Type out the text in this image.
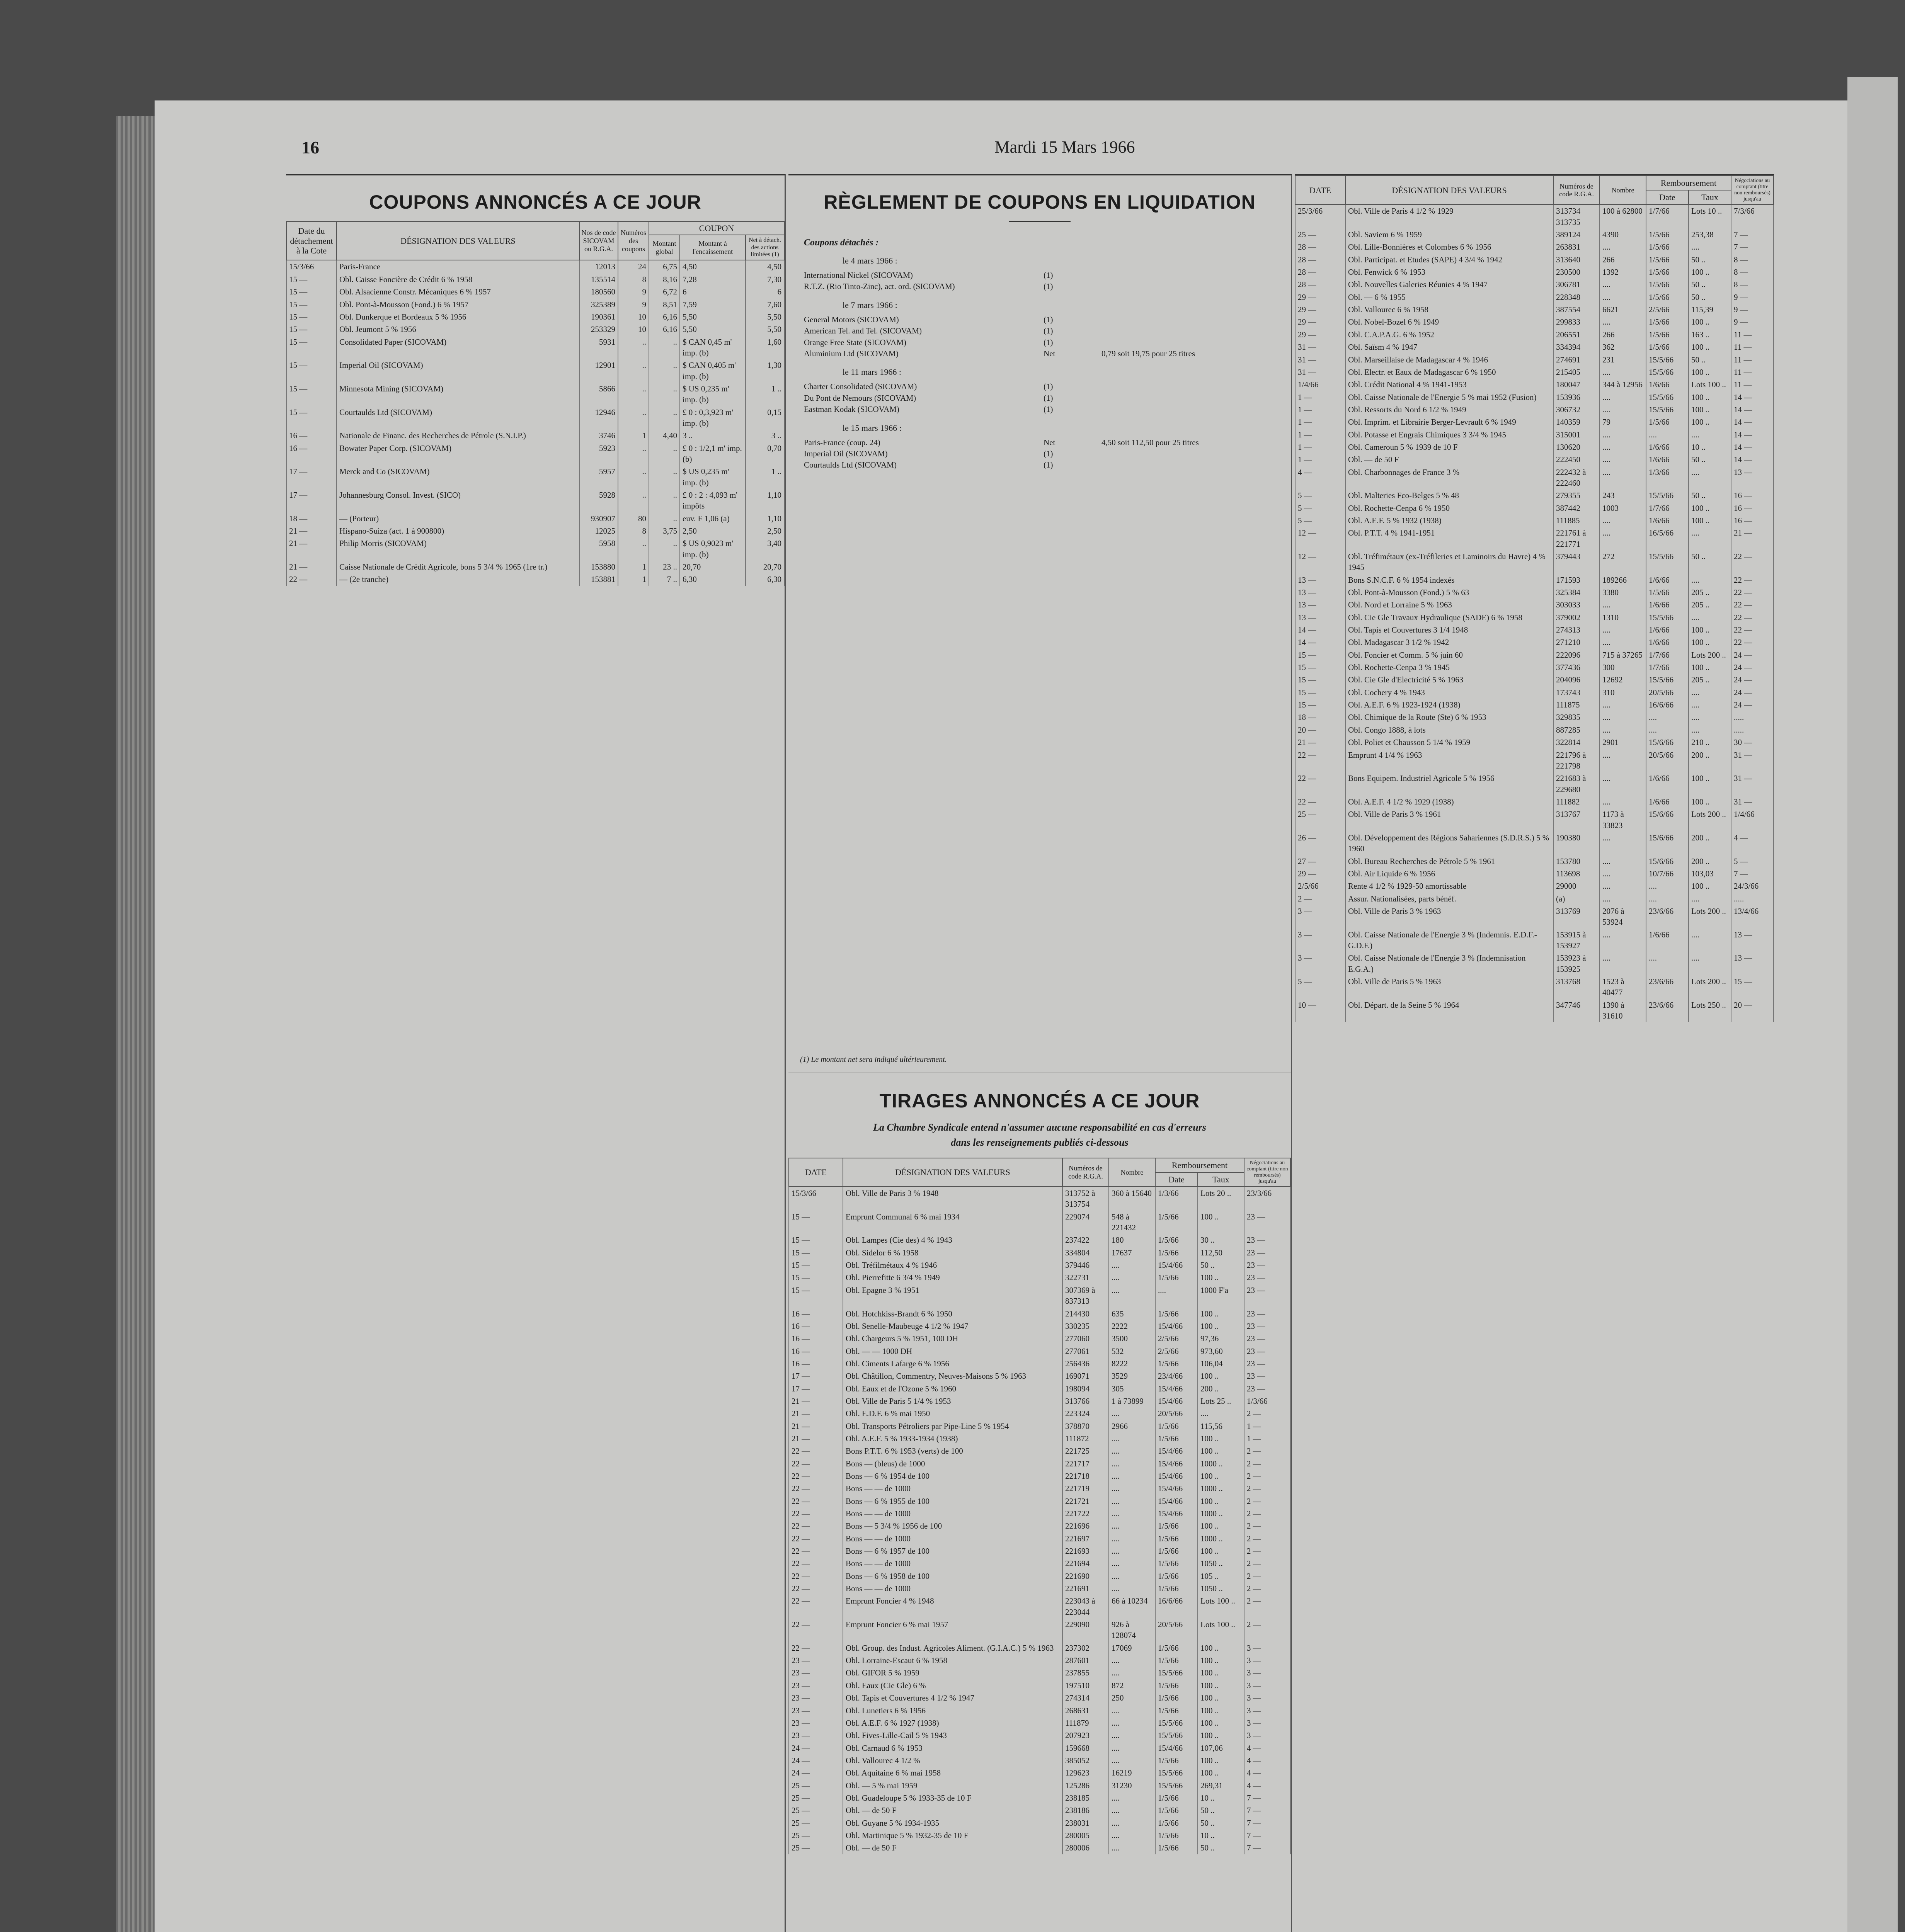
16	Mardi 15 Mars 1966
COUPONS ANNONCÉS A CE JOUR
Date du détachement à la Cote	DÉSIGNATION DES VALEURS	Nos de code SICOVAM ou R.G.A.	Numéros des coupons	COUPON		
				Montant global	Montant à l'encaissement	Net à détach. des actions limitées (1)
15/3/66	Paris-France	12013	24	6,75	4,50	4,50
15 —	Obl. Caisse Foncière de Crédit 6 % 1958	135514	8	8,16	7,28	7,30
15 —	Obl. Alsacienne Constr. Mécaniques 6 % 1957	180560	9	6,72	6	6
15 —	Obl. Pont-à-Mousson (Fond.) 6 % 1957	325389	9	8,51	7,59	7,60
15 —	Obl. Dunkerque et Bordeaux 5 % 1956	190361	10	6,16	5,50	5,50
15 —	Obl. Jeumont 5 % 1956	253329	10	6,16	5,50	5,50
15 —	Consolidated Paper (SICOVAM)	5931	..	..	$ CAN 0,45 m' imp. (b)	1,60
15 —	Imperial Oil (SICOVAM)	12901	..	..	$ CAN 0,405 m' imp. (b)	1,30
15 —	Minnesota Mining (SICOVAM)	5866	..	..	$ US 0,235 m' imp. (b)	1 ..
15 —	Courtaulds Ltd (SICOVAM)	12946	..	..	£ 0 : 0,3,923 m' imp. (b)	0,15
16 —	Nationale de Financ. des Recherches de Pétrole (S.N.I.P.)	3746	1	4,40	3 ..	3 ..
16 —	Bowater Paper Corp. (SICOVAM)	5923	..	..	£ 0 : 1/2,1 m' imp. (b)	0,70
17 —	Merck and Co (SICOVAM)	5957	..	..	$ US 0,235 m' imp. (b)	1 ..
17 —	Johannesburg Consol. Invest. (SICO)	5928	..	..	£ 0 : 2 : 4,093 m' impôts	1,10
18 —	— (Porteur)	930907	80	..	euv. F 1,06 (a)	1,10
21 —	Hispano-Suiza (act. 1 à 900800)	12025	8	3,75	2,50	2,50
21 —	Philip Morris (SICOVAM)	5958	..	..	$ US 0,9023 m' imp. (b)	3,40
21 —	Caisse Nationale de Crédit Agricole, bons 5 3/4 % 1965 (1re tr.)	153880	1	23 ..	20,70	20,70
22 —	— (2e tranche)	153881	1	7 ..	6,30	6,30
RÈGLEMENT DE COUPONS EN LIQUIDATION
Coupons détachés :
le 4 mars 1966 :
International Nickel (SICOVAM)	(1)
R.T.Z. (Rio Tinto-Zinc), act. ord. (SICOVAM)	(1)
le 7 mars 1966 :
General Motors (SICOVAM)	(1)
American Tel. and Tel. (SICOVAM)	(1)
Orange Free State (SICOVAM)	(1)
Aluminium Ltd (SICOVAM)	Net	0,79 soit 19,75 pour 25 titres
le 11 mars 1966 :
Charter Consolidated (SICOVAM)	(1)
Du Pont de Nemours (SICOVAM)	(1)
Eastman Kodak (SICOVAM)	(1)
le 15 mars 1966 :
Paris-France (coup. 24)	Net	4,50 soit 112,50 pour 25 titres
Imperial Oil (SICOVAM)	(1)
Courtaulds Ltd (SICOVAM)	(1)
(1) Le montant net sera indiqué ultérieurement.
TIRAGES ANNONCÉS A CE JOUR
La Chambre Syndicale entend n'assumer aucune responsabilité en cas d'erreurs
dans les renseignements publiés ci-dessous
DATE	DÉSIGNATION DES VALEURS	Numéros de code R.G.A.	Nombre	Remboursement		Négociations au comptant (titre non remboursés) jusqu'au
				Date	Taux	
15/3/66	Obl. Ville de Paris 3 % 1948	313752 à 313754	360 à 15640	1/3/66	Lots 20 ..	23/3/66
15 —	Emprunt Communal 6 % mai 1934	229074	548 à 221432	1/5/66	100 ..	23 —
15 —	Obl. Lampes (Cie des) 4 % 1943	237422	180	1/5/66	30 ..	23 —
15 —	Obl. Sidelor 6 % 1958	334804	17637	1/5/66	112,50	23 —
15 —	Obl. Tréfilmétaux 4 % 1946	379446	....	15/4/66	50 ..	23 —
15 —	Obl. Pierrefitte 6 3/4 % 1949	322731	....	1/5/66	100 ..	23 —
15 —	Obl. Epagne 3 % 1951	307369 à 837313	....	....	1000 F'a	23 —
16 —	Obl. Hotchkiss-Brandt 6 % 1950	214430	635	1/5/66	100 ..	23 —
16 —	Obl. Senelle-Maubeuge 4 1/2 % 1947	330235	2222	15/4/66	100 ..	23 —
16 —	Obl. Chargeurs 5 % 1951, 100 DH	277060	3500	2/5/66	97,36	23 —
16 —	Obl. — — 1000 DH	277061	532	2/5/66	973,60	23 —
16 —	Obl. Ciments Lafarge 6 % 1956	256436	8222	1/5/66	106,04	23 —
17 —	Obl. Châtillon, Commentry, Neuves-Maisons 5 % 1963	169071	3529	23/4/66	100 ..	23 —
17 —	Obl. Eaux et de l'Ozone 5 % 1960	198094	305	15/4/66	200 ..	23 —
21 —	Obl. Ville de Paris 5 1/4 % 1953	313766	1 à 73899	15/4/66	Lots 25 ..	1/3/66
21 —	Obl. E.D.F. 6 % mai 1950	223324	....	20/5/66	....	2 —
21 —	Obl. Transports Pétroliers par Pipe-Line 5 % 1954	378870	2966	1/5/66	115,56	1 —
21 —	Obl. A.E.F. 5 % 1933-1934 (1938)	111872	....	1/5/66	100 ..	1 —
22 —	Bons P.T.T. 6 % 1953 (verts) de 100	221725	....	15/4/66	100 ..	2 —
22 —	Bons — (bleus) de 1000	221717	....	15/4/66	1000 ..	2 —
22 —	Bons — 6 % 1954 de 100	221718	....	15/4/66	100 ..	2 —
22 —	Bons — — de 1000	221719	....	15/4/66	1000 ..	2 —
22 —	Bons — 6 % 1955 de 100	221721	....	15/4/66	100 ..	2 —
22 —	Bons — — de 1000	221722	....	15/4/66	1000 ..	2 —
22 —	Bons — 5 3/4 % 1956 de 100	221696	....	1/5/66	100 ..	2 —
22 —	Bons — — de 1000	221697	....	1/5/66	1000 ..	2 —
22 —	Bons — 6 % 1957 de 100	221693	....	1/5/66	100 ..	2 —
22 —	Bons — — de 1000	221694	....	1/5/66	1050 ..	2 —
22 —	Bons — 6 % 1958 de 100	221690	....	1/5/66	105 ..	2 —
22 —	Bons — — de 1000	221691	....	1/5/66	1050 ..	2 —
22 —	Emprunt Foncier 4 % 1948	223043 à 223044	66 à 10234	16/6/66	Lots 100 ..	2 —
22 —	Emprunt Foncier 6 % mai 1957	229090	926 à 128074	20/5/66	Lots 100 ..	2 —
22 —	Obl. Group. des Indust. Agricoles Aliment. (G.I.A.C.) 5 % 1963	237302	17069	1/5/66	100 ..	3 —
23 —	Obl. Lorraine-Escaut 6 % 1958	287601	....	1/5/66	100 ..	3 —
23 —	Obl. GIFOR 5 % 1959	237855	....	15/5/66	100 ..	3 —
23 —	Obl. Eaux (Cie Gle) 6 %	197510	872	1/5/66	100 ..	3 —
23 —	Obl. Tapis et Couvertures 4 1/2 % 1947	274314	250	1/5/66	100 ..	3 —
23 —	Obl. Lunetiers 6 % 1956	268631	....	1/5/66	100 ..	3 —
23 —	Obl. A.E.F. 6 % 1927 (1938)	111879	....	15/5/66	100 ..	3 —
23 —	Obl. Fives-Lille-Cail 5 % 1943	207923	....	15/5/66	100 ..	3 —
24 —	Obl. Carnaud 6 % 1953	159668	....	15/4/66	107,06	4 —
24 —	Obl. Vallourec 4 1/2 %	385052	....	1/5/66	100 ..	4 —
24 —	Obl. Aquitaine 6 % mai 1958	129623	16219	15/5/66	100 ..	4 —
25 —	Obl. — 5 % mai 1959	125286	31230	15/5/66	269,31	4 —
25 —	Obl. Guadeloupe 5 % 1933-35 de 10 F	238185	....	1/5/66	10 ..	7 —
25 —	Obl. — de 50 F	238186	....	1/5/66	50 ..	7 —
25 —	Obl. Guyane 5 % 1934-1935	238031	....	1/5/66	50 ..	7 —
25 —	Obl. Martinique 5 % 1932-35 de 10 F	280005	....	1/5/66	10 ..	7 —
25 —	Obl. — de 50 F	280006	....	1/5/66	50 ..	7 —
DATE	DÉSIGNATION DES VALEURS	Numéros de code R.G.A.	Nombre	Remboursement		Négociations au comptant (titre non remboursés) jusqu'au
				Date	Taux	
25/3/66	Obl. Ville de Paris 4 1/2 % 1929	313734 313735	100 à 62800	1/7/66	Lots 10 ..	7/3/66
25 —	Obl. Saviem 6 % 1959	389124	4390	1/5/66	253,38	7 —
28 —	Obl. Lille-Bonnières et Colombes 6 % 1956	263831	....	1/5/66	....	7 —
28 —	Obl. Participat. et Etudes (SAPE) 4 3/4 % 1942	313640	266	1/5/66	50 ..	8 —
28 —	Obl. Fenwick 6 % 1953	230500	1392	1/5/66	100 ..	8 —
28 —	Obl. Nouvelles Galeries Réunies 4 % 1947	306781	....	1/5/66	50 ..	8 —
29 —	Obl. — 6 % 1955	228348	....	1/5/66	50 ..	9 —
29 —	Obl. Vallourec 6 % 1958	387554	6621	2/5/66	115,39	9 —
29 —	Obl. Nobel-Bozel 6 % 1949	299833	....	1/5/66	100 ..	9 —
29 —	Obl. C.A.P.A.G. 6 % 1952	206551	266	1/5/66	163 ..	11 —
31 —	Obl. Saïsm 4 % 1947	334394	362	1/5/66	100 ..	11 —
31 —	Obl. Marseillaise de Madagascar 4 % 1946	274691	231	15/5/66	50 ..	11 —
31 —	Obl. Electr. et Eaux de Madagascar 6 % 1950	215405	....	15/5/66	100 ..	11 —
1/4/66	Obl. Crédit National 4 % 1941-1953	180047	344 à 12956	1/6/66	Lots 100 ..	11 —
1 —	Obl. Caisse Nationale de l'Energie 5 % mai 1952 (Fusion)	153936	....	15/5/66	100 ..	14 —
1 —	Obl. Ressorts du Nord 6 1/2 % 1949	306732	....	15/5/66	100 ..	14 —
1 —	Obl. Imprim. et Librairie Berger-Levrault 6 % 1949	140359	79	1/5/66	100 ..	14 —
1 —	Obl. Potasse et Engrais Chimiques 3 3/4 % 1945	315001	....	....	....	14 —
1 —	Obl. Cameroun 5 % 1939 de 10 F	130620	....	1/6/66	10 ..	14 —
1 —	Obl. — de 50 F	222450	....	1/6/66	50 ..	14 —
4 —	Obl. Charbonnages de France 3 %	222432 à 222460	....	1/3/66	....	13 —
5 —	Obl. Malteries Fco-Belges 5 % 48	279355	243	15/5/66	50 ..	16 —
5 —	Obl. Rochette-Cenpa 6 % 1950	387442	1003	1/7/66	100 ..	16 —
5 —	Obl. A.E.F. 5 % 1932 (1938)	111885	....	1/6/66	100 ..	16 —
12 —	Obl. P.T.T. 4 % 1941-1951	221761 à 221771	....	16/5/66	....	21 —
12 —	Obl. Tréfimétaux (ex-Tréfileries et Laminoirs du Havre) 4 % 1945	379443	272	15/5/66	50 ..	22 —
13 —	Bons S.N.C.F. 6 % 1954 indexés	171593	189266	1/6/66	....	22 —
13 —	Obl. Pont-à-Mousson (Fond.) 5 % 63	325384	3380	1/5/66	205 ..	22 —
13 —	Obl. Nord et Lorraine 5 % 1963	303033	....	1/6/66	205 ..	22 —
13 —	Obl. Cie Gle Travaux Hydraulique (SADE) 6 % 1958	379002	1310	15/5/66	....	22 —
14 —	Obl. Tapis et Couvertures 3 1/4 1948	274313	....	1/6/66	100 ..	22 —
14 —	Obl. Madagascar 3 1/2 % 1942	271210	....	1/6/66	100 ..	22 —
15 —	Obl. Foncier et Comm. 5 % juin 60	222096	715 à 37265	1/7/66	Lots 200 ..	24 —
15 —	Obl. Rochette-Cenpa 3 % 1945	377436	300	1/7/66	100 ..	24 —
15 —	Obl. Cie Gle d'Electricité 5 % 1963	204096	12692	15/5/66	205 ..	24 —
15 —	Obl. Cochery 4 % 1943	173743	310	20/5/66	....	24 —
15 —	Obl. A.E.F. 6 % 1923-1924 (1938)	111875	....	16/6/66	....	24 —
18 —	Obl. Chimique de la Route (Ste) 6 % 1953	329835	....	....	....	.....
20 —	Obl. Congo 1888, à lots	887285	....	....	....	.....
21 —	Obl. Poliet et Chausson 5 1/4 % 1959	322814	2901	15/6/66	210 ..	30 —
22 —	Emprunt 4 1/4 % 1963	221796 à 221798	....	20/5/66	200 ..	31 —
22 —	Bons Equipem. Industriel Agricole 5 % 1956	221683 à 229680	....	1/6/66	100 ..	31 —
22 —	Obl. A.E.F. 4 1/2 % 1929 (1938)	111882	....	1/6/66	100 ..	31 —
25 —	Obl. Ville de Paris 3 % 1961	313767	1173 à 33823	15/6/66	Lots 200 ..	1/4/66
26 —	Obl. Développement des Régions Sahariennes (S.D.R.S.) 5 % 1960	190380	....	15/6/66	200 ..	4 —
27 —	Obl. Bureau Recherches de Pétrole 5 % 1961	153780	....	15/6/66	200 ..	5 —
29 —	Obl. Air Liquide 6 % 1956	113698	....	10/7/66	103,03	7 —
2/5/66	Rente 4 1/2 % 1929-50 amortissable	29000	....	....	100 ..	24/3/66
2 —	Assur. Nationalisées, parts bénéf.	(a)	....	....	....	.....
3 —	Obl. Ville de Paris 3 % 1963	313769	2076 à 53924	23/6/66	Lots 200 ..	13/4/66
3 —	Obl. Caisse Nationale de l'Energie 3 % (Indemnis. E.D.F.-G.D.F.)	153915 à 153927	....	1/6/66	....	13 —
3 —	Obl. Caisse Nationale de l'Energie 3 % (Indemnisation E.G.A.)	153923 à 153925	....	....	....	13 —
5 —	Obl. Ville de Paris 5 % 1963	313768	1523 à 40477	23/6/66	Lots 200 ..	15 —
10 —	Obl. Départ. de la Seine 5 % 1964	347746	1390 à 31610	23/6/66	Lots 250 ..	20 —
